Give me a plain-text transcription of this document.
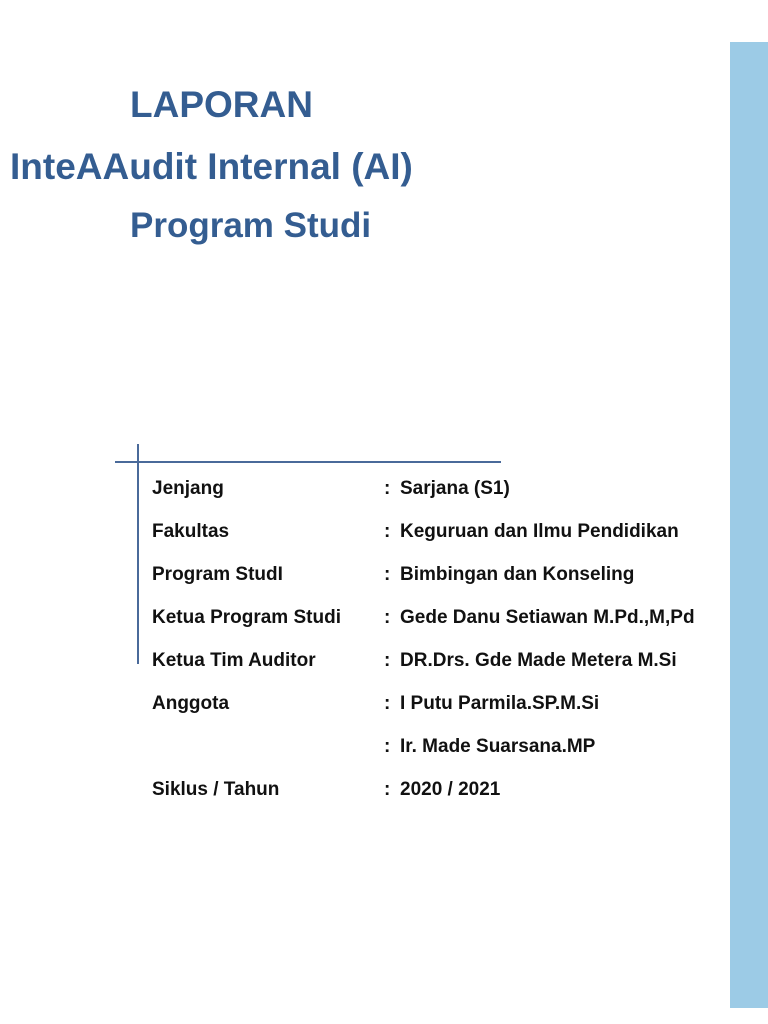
LAPORAN
InteAAudit Internal (AI)
Program Studi
Jenjang	: Sarjana (S1)
Fakultas	: Keguruan dan Ilmu Pendidikan
Program StudI	: Bimbingan dan Konseling
Ketua Program Studi : Gede Danu Setiawan M.Pd.,M,Pd
Ketua Tim Auditor	: DR.Drs. Gde Made Metera M.Si
Anggota	: I Putu Parmila.SP.M.Si
: Ir. Made Suarsana.MP
Siklus / Tahun	: 2020 / 2021
